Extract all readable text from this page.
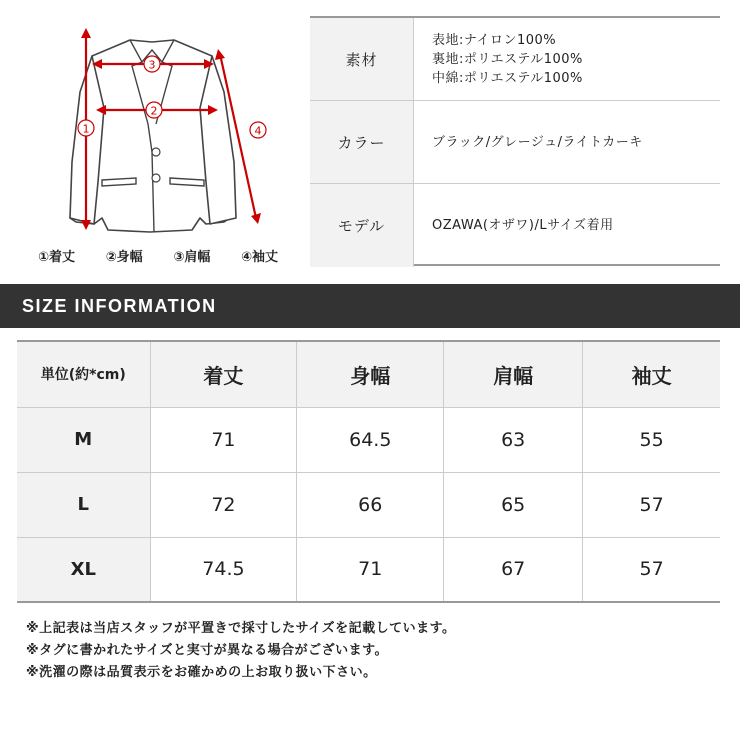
1
2
3
4
①着丈 ②身幅 ③肩幅 ④袖丈
素材
表地:ナイロン100%
裏地:ポリエステル100%
中綿:ポリエステル100%
カラー	ブラック/グレージュ/ライトカーキ
モデル	OZAWA(オザワ)/Lサイズ着用
SIZE INFORMATION
単位(約*cm)	着丈	身幅	肩幅	袖丈
M	71	64.5	63	55
L	72	66	65	57
XL	74.5	71	67	57
※上記表は当店スタッフが平置きで採寸したサイズを記載しています。
※タグに書かれたサイズと実寸が異なる場合がございます。
※洗濯の際は品質表示をお確かめの上お取り扱い下さい。
